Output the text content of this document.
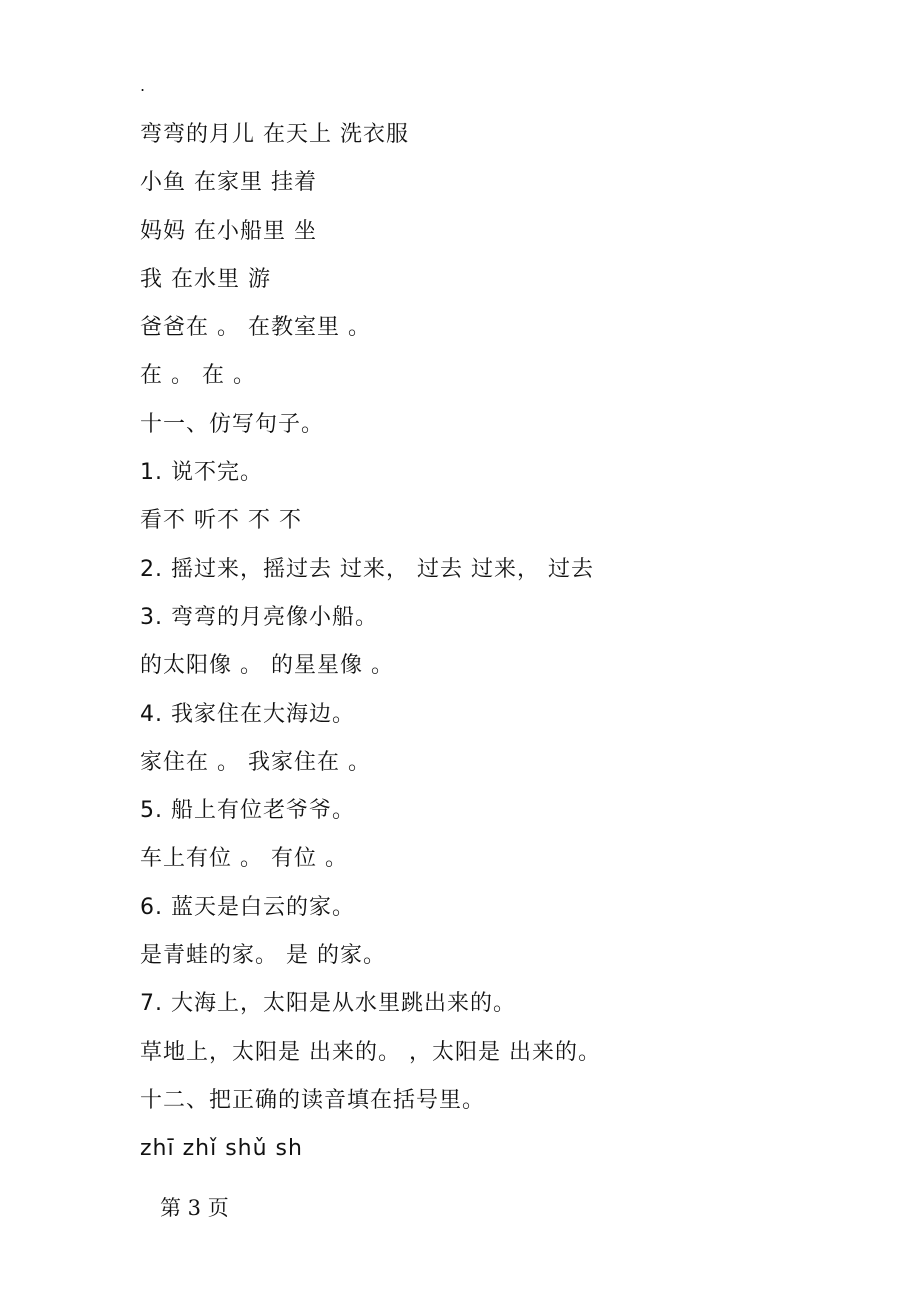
.
弯弯的月儿 在天上 洗衣服
小鱼 在家里 挂着
妈妈 在小船里 坐
我 在水里 游
爸爸在 。 在教室里 。
在 。 在 。
十一、仿写句子。
1. 说不完。
看不 听不 不 不
2. 摇过来，摇过去 过来， 过去 过来， 过去
3. 弯弯的月亮像小船。
的太阳像 。 的星星像 。
4. 我家住在大海边。
家住在 。 我家住在 。
5. 船上有位老爷爷。
车上有位 。 有位 。
6. 蓝天是白云的家。
是青蛙的家。 是 的家。
7. 大海上，太阳是从水里跳出来的。
草地上，太阳是 出来的。 ，太阳是 出来的。
十二、把正确的读音填在括号里。
zhī zhǐ shǔ sh
第 3 页
